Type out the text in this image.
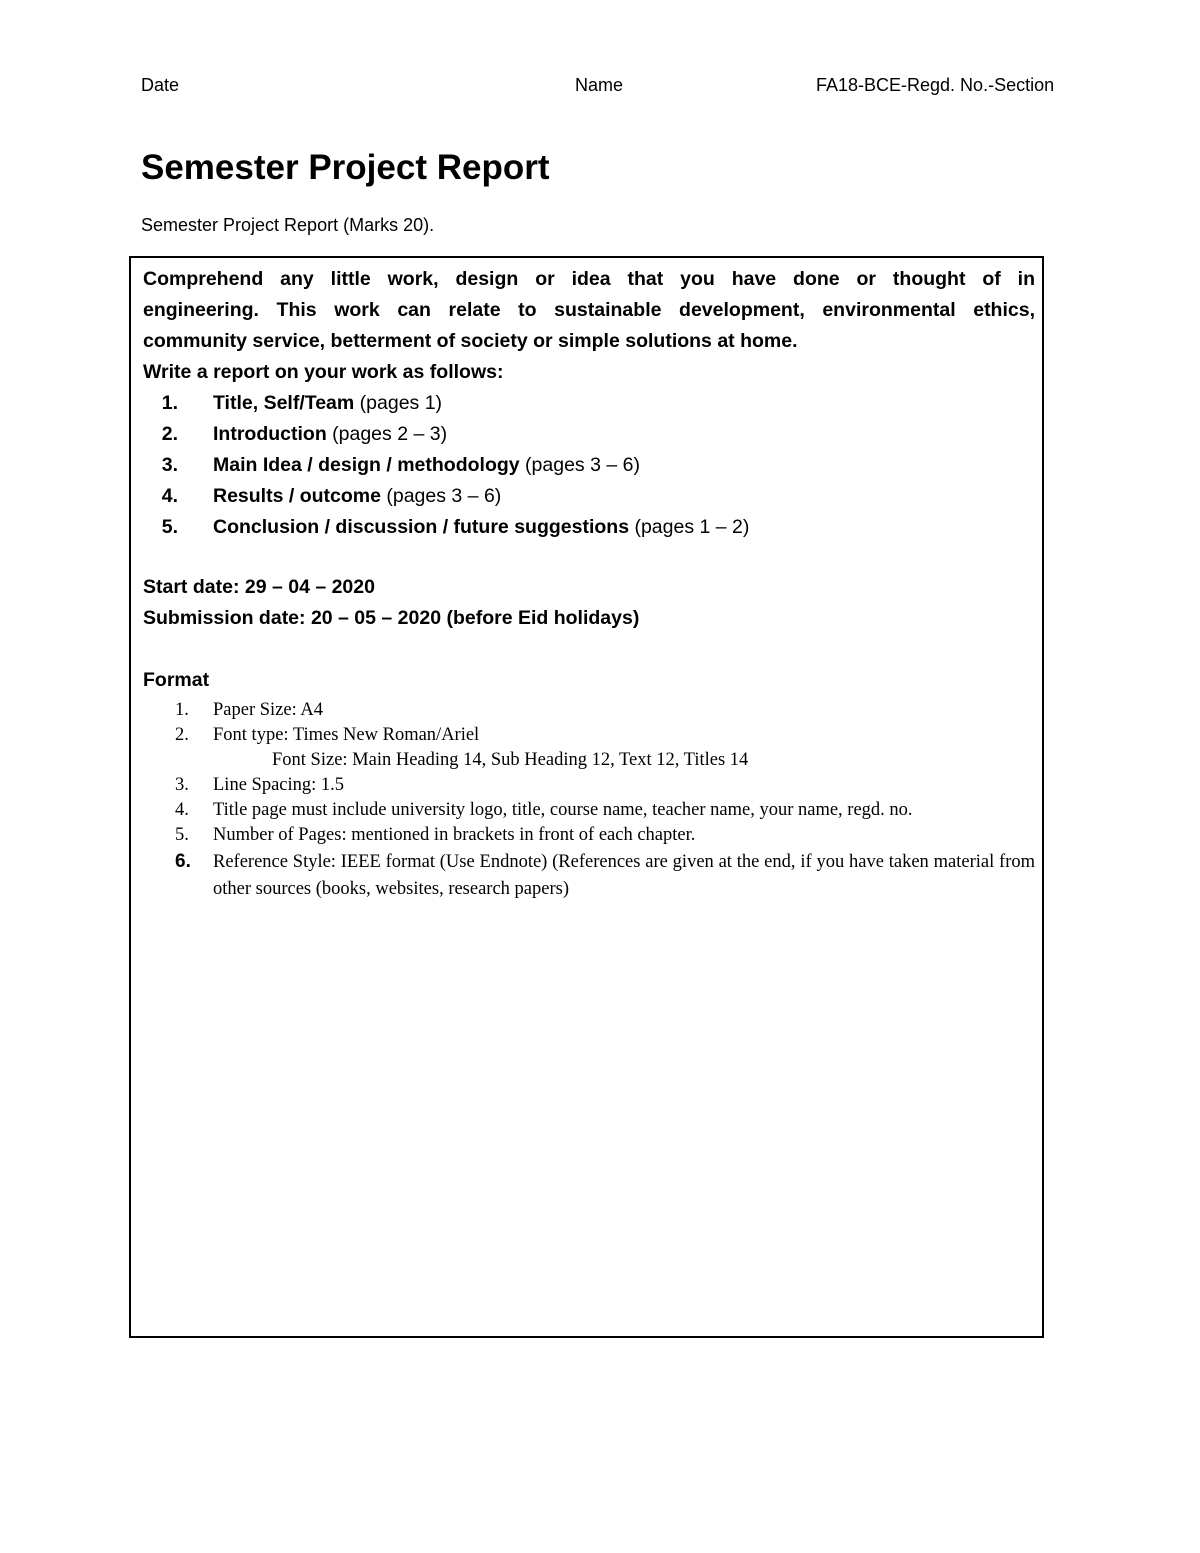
Date	Name	FA18-BCE-Regd. No.-Section
Semester Project Report
Semester Project Report (Marks 20).
Comprehend any little work, design or idea that you have done or thought of in
engineering. This work can relate to sustainable development, environmental ethics,
community service, betterment of society or simple solutions at home.
Write a report on your work as follows:
1. Title, Self/Team (pages 1)
2. Introduction (pages 2 – 3)
3. Main Idea / design / methodology (pages 3 – 6)
4. Results / outcome (pages 3 – 6)
5. Conclusion / discussion / future suggestions (pages 1 – 2)
Start date: 29 – 04 – 2020
Submission date: 20 – 05 – 2020 (before Eid holidays)
Format
1. Paper Size: A4
2. Font type: Times New Roman/Ariel
Font Size: Main Heading 14, Sub Heading 12, Text 12, Titles 14
3. Line Spacing: 1.5
4. Title page must include university logo, title, course name, teacher name, your name, regd. no.
5. Number of Pages: mentioned in brackets in front of each chapter.
6. Reference Style: IEEE format (Use Endnote) (References are given at the end, if you have taken material from other sources (books, websites, research papers)
